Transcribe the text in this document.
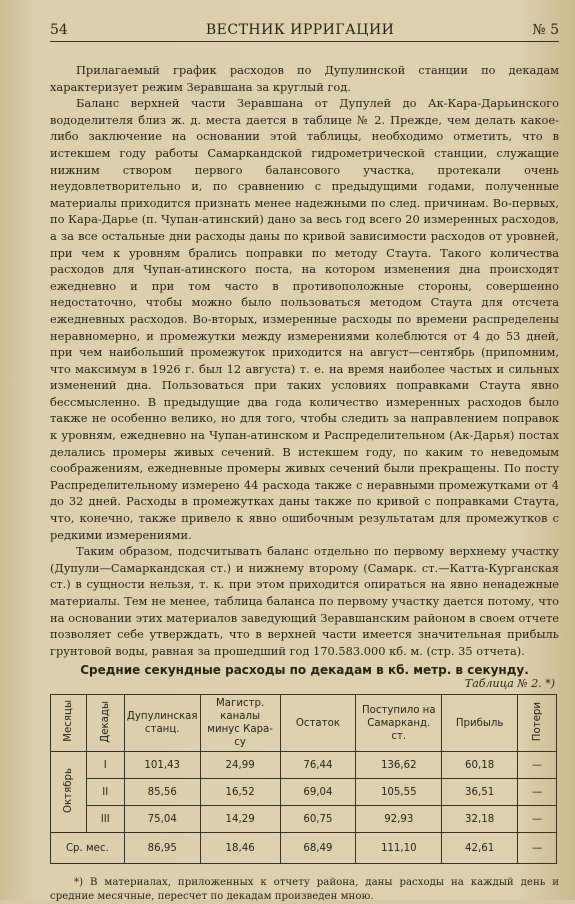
54	ВЕСТНИК ИРРИГАЦИИ	№ 5

Прилагаемый график расходов по Дупулинской станции по декадам характеризует режим Зеравшана за круглый год.

Баланс верхней части Зеравшана от Дупулей до Ак-Кара-Дарьинского вододелителя близ ж. д. места дается в таблице № 2. Прежде, чем делать какое-либо заключение на основании этой таблицы, необходимо отметить, что в истекшем году работы Самаркандской гидрометрической станции, служащие нижним створом первого балансового участка, протекали очень неудовлетворительно и, по сравнению с предыдущими годами, полученные материалы приходится признать менее надежными по след. причинам. Во-первых, по Кара-Дарье (п. Чупан-атинский) дано за весь год всего 20 измеренных расходов, а за все остальные дни расходы даны по кривой зависимости расходов от уровней, при чем к уровням брались поправки по методу Стаута. Такого количества расходов для Чупан-атинского поста, на котором изменения дна происходят ежедневно и при том часто в противоположные стороны, совершенно недостаточно, чтобы можно было пользоваться методом Стаута для отсчета ежедневных расходов. Во-вторых, измеренные расходы по времени распределены неравномерно, и промежутки между измерениями колеблются от 4 до 53 дней, при чем наибольший промежуток приходится на август—сентябрь (припомним, что максимум в 1926 г. был 12 августа) т. е. на время наиболее частых и сильных изменений дна. Пользоваться при таких условиях поправками Стаута явно бессмысленно. В предыдущие два года количество измеренных расходов было также не особенно велико, но для того, чтобы следить за направлением поправок к уровням, ежедневно на Чупан-атинском и Распределительном (Ак-Дарья) постах делались промеры живых сечений. В истекшем году, по каким то неведомым соображениям, ежедневные промеры живых сечений были прекращены. По посту Распределительному измерено 44 расхода также с неравными промежутками от 4 до 32 дней. Расходы в промежутках даны также по кривой с поправками Стаута, что, конечно, также привело к явно ошибочным результатам для промежутков с редкими измерениями.

Таким образом, подсчитывать баланс отдельно по первому верхнему участку (Дупули—Самаркандская ст.) и нижнему второму (Самарк. ст.—Катта-Курганская ст.) в сущности нельзя, т. к. при этом приходится опираться на явно ненадежные материалы. Тем не менее, таблица баланса по первому участку дается потому, что на основании этих материалов заведующий Зеравшанским районом в своем отчете позволяет себе утверждать, что в верхней части имеется значительная прибыль грунтовой воды, равная за прошедший год 170.583.000 кб. м. (стр. 35 отчета).

Средние секундные расходы по декадам в кб. метр. в секунду.
Таблица № 2. *)
Месяцы	Декады	Дупулинская станц.	Магистр. каналы минус Кара-су	Остаток	Поступило на Самарканд. ст.	Прибыль	Потери
Октябрь	I	101,43	24,99	76,44	136,62	60,18	—
	II	85,56	16,52	69,04	105,55	36,51	—
	III	75,04	14,29	60,75	92,93	32,18	—
Ср. мес.		86,95	18,46	68,49	111,10	42,61	—
*) В материалах, приложенных к отчету района, даны расходы на каждый день и средние месячные, пересчет по декадам произведен мною.
